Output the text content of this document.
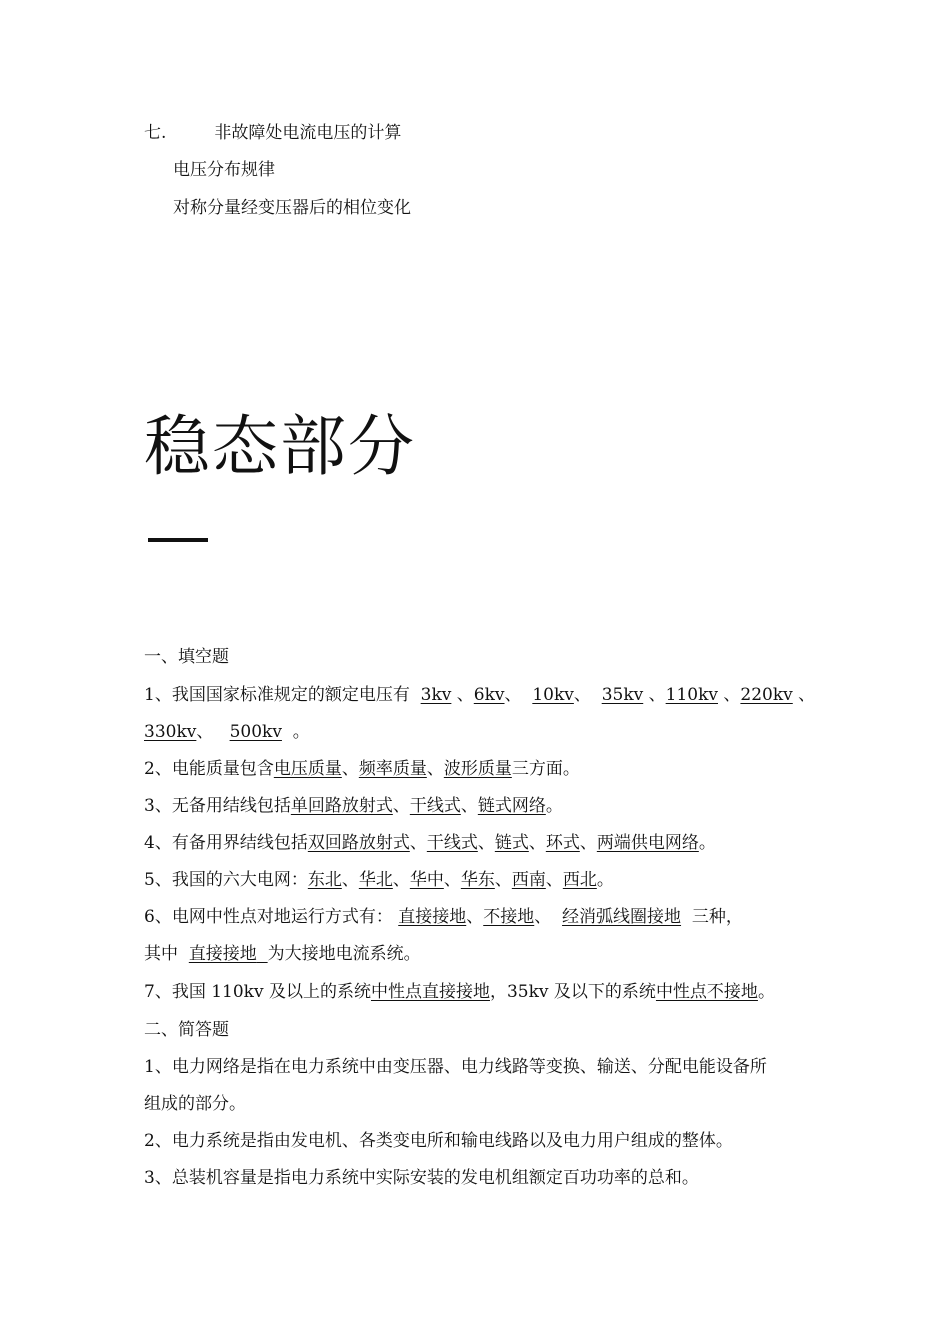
七.	非故障处电流电压的计算
电压分布规律
对称分量经变压器后的相位变化
稳态部分
一、填空题
1、我国国家标准规定的额定电压有 3kv 、6kv、 10kv、 35kv 、110kv 、220kv 、
330kv、 500kv 。
2、电能质量包含电压质量、频率质量、波形质量三方面。
3、无备用结线包括单回路放射式、干线式、链式网络。
4、有备用界结线包括双回路放射式、干线式、链式、环式、两端供电网络。
5、我国的六大电网：东北、华北、华中、华东、西南、西北。
6、电网中性点对地运行方式有： 直接接地、不接地、 经消弧线圈接地 三种，
其中 直接接地 为大接地电流系统。
7、我国 110kv 及以上的系统中性点直接接地，35kv 及以下的系统中性点不接地。
二、简答题
1、电力网络是指在电力系统中由变压器、电力线路等变换、输送、分配电能设备所
组成的部分。
2、电力系统是指由发电机、各类变电所和输电线路以及电力用户组成的整体。
3、总装机容量是指电力系统中实际安装的发电机组额定百功功率的总和。
